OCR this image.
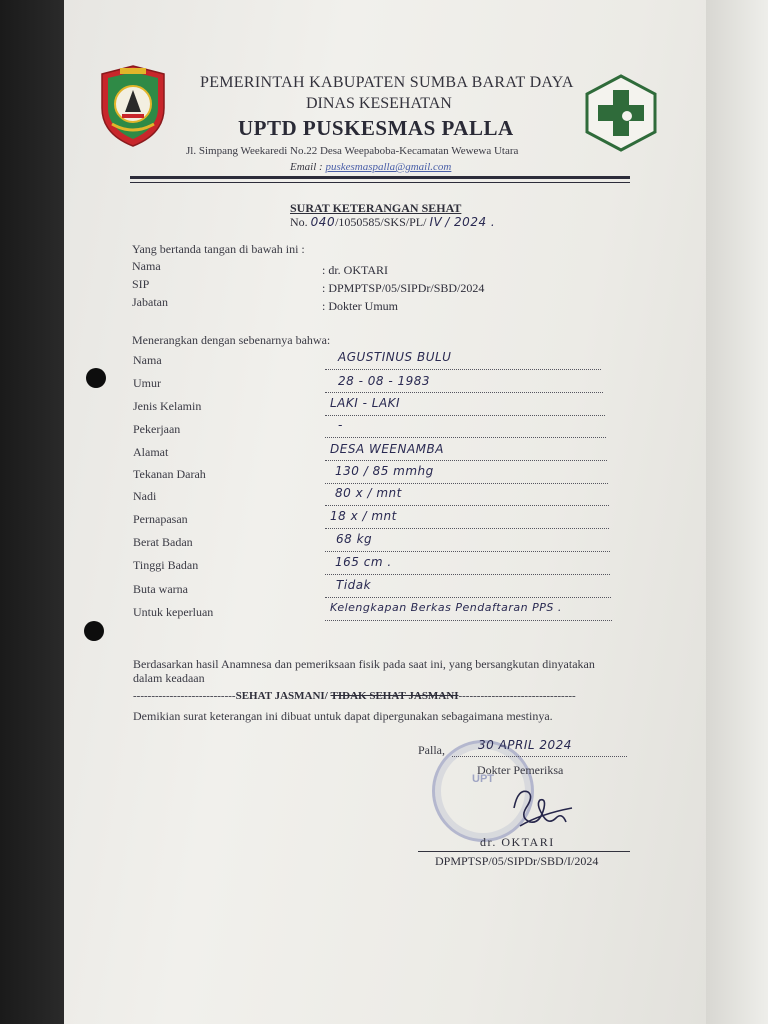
PEMERINTAH KABUPATEN SUMBA BARAT DAYA
DINAS KESEHATAN
UPTD PUSKESMAS PALLA
Jl. Simpang Weekaredi No.22 Desa Weepaboba-Kecamatan Wewewa Utara
Email : puskesmaspalla@gmail.com
SURAT KETERANGAN SEHAT
No. 040/1050585/SKS/PL/ IV / 2024 .
Yang bertanda tangan di bawah ini :
Nama	: dr. OKTARI
SIP	: DPMPTSP/05/SIPDr/SBD/2024
Jabatan	: Dokter Umum
Menerangkan dengan sebenarnya bahwa:
Nama	AGUSTINUS BULU
Umur	28 - 08 - 1983
Jenis Kelamin	LAKI - LAKI
Pekerjaan	-
Alamat	DESA WEENAMBA
Tekanan Darah	130 / 85 mmhg
Nadi	80 x / mnt
Pernapasan	18 x / mnt
Berat Badan	68 kg
Tinggi Badan	165 cm .
Buta warna	Tidak
Untuk keperluan	Kelengkapan Berkas Pendaftaran PPS .
Berdasarkan hasil Anamnesa dan pemeriksaan fisik pada saat ini, yang bersangkutan dinyatakan
dalam keadaan
----------------------------SEHAT JASMANI/ TIDAK SEHAT JASMANI--------------------------------
Demikian surat keterangan ini dibuat untuk dapat dipergunakan sebagaimana mestinya.
UPT
Palla,	30 APRIL 2024
Dokter Pemeriksa
dr. OKTARI
DPMPTSP/05/SIPDr/SBD/I/2024
